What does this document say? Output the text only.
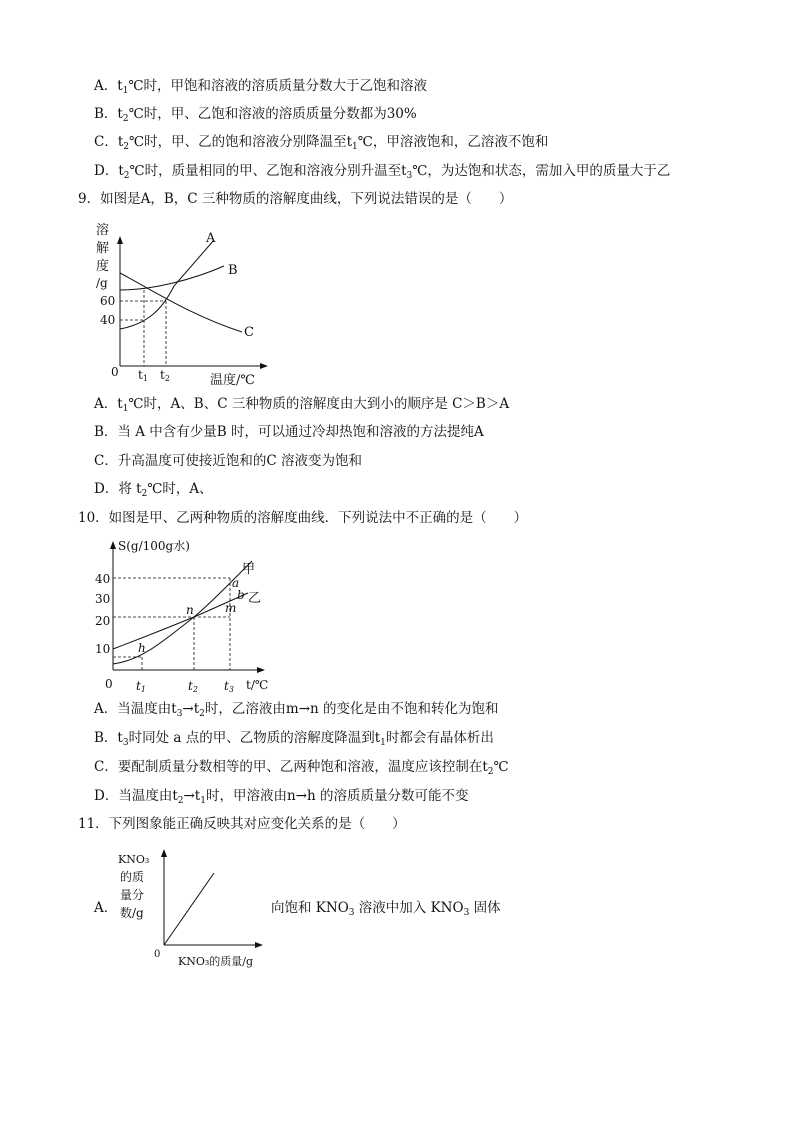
A．$t_1℃$时，甲饱和溶液的溶质质量分数大于乙饱和溶液
B．$t_2℃$时，甲、乙饱和溶液的溶质质量分数都为30%
C．$t_2℃$时，甲、乙的饱和溶液分别降温至$t_1℃$，甲溶液饱和，乙溶液不饱和
D．$t_2℃$时，质量相同的甲、乙饱和溶液分别升温至$t_3℃$，为达饱和状态，需加入甲的质量大于乙
9．如图是A，B，C 三种物质的溶解度曲线，下列说法错误的是（　　）
溶
解
度
/g
60
40
0 t1 t2	温度/℃
A
B
C
A．$t_1℃$时，A、B、C 三种物质的溶解度由大到小的顺序是 C＞B＞A
B．当 A 中含有少量B 时，可以通过冷却热饱和溶液的方法提纯A
C．升高温度可使接近饱和的C 溶液变为饱和
D．将 $t_2℃$时，A、
10．如图是甲、乙两种物质的溶解度曲线．下列说法中不正确的是（　　）
S(g/100g水)
40
30
20
10
0 t1	t2 t3 t/℃
甲
乙
a
b
m
n
h
A．当温度由$t_3\to t_2$时，乙溶液由m→n 的变化是由不饱和转化为饱和
B．$t_3$时同处 a 点的甲、乙物质的溶解度降温到$t_1$时都会有晶体析出
C．要配制质量分数相等的甲、乙两种饱和溶液，温度应该控制在$t_2℃$
D．当温度由$t_2\to t_1$时，甲溶液由n→h 的溶质质量分数可能不变
11．下列图象能正确反映其对应变化关系的是（　　）
A．
KNO₃
的质
量分
数/g
0
KNO₃的质量/g
向饱和 $KNO_3$ 溶液中加入 $KNO_3$ 固体
